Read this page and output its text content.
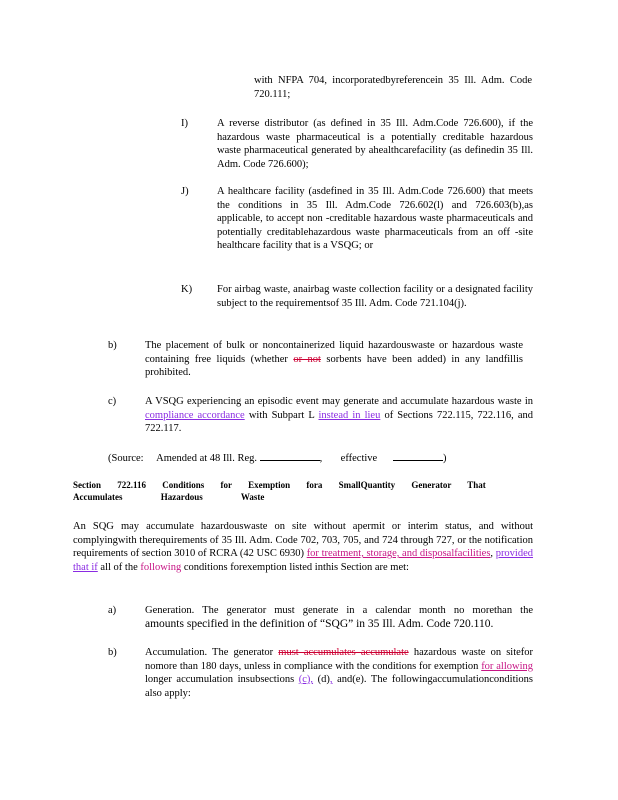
with NFPA 704, incorporatedbyreferencein 35 Ill. Adm. Code 720.111;
I)	A reverse distributor (as defined in 35 Ill. Adm.Code 726.600), if the hazardous waste pharmaceutical is a potentially creditable hazardous waste pharmaceutical generated by ahealthcarefacility (as definedin 35 Ill. Adm. Code 726.600);
J)	A healthcare facility (asdefined in 35 Ill. Adm.Code 726.600) that meets the conditions in 35 Ill. Adm.Code 726.602(l) and 726.603(b),as applicable, to accept non -creditable hazardous waste pharmaceuticals and potentially creditablehazardous waste pharmaceuticals from an off -site healthcare facility that is a VSQG; or
K) For airbag waste, anairbag waste collection facility or a designated facility subject to the requirementsof 35 Ill. Adm. Code 721.104(j).
b)	The placement of bulk or noncontainerized liquid hazardouswaste or hazardous waste containing free liquids (whether or not sorbents have been added) in any landfillis prohibited.
c)	A VSQG experiencing an episodic event may generate and accumulate hazardous waste in compliance accordance with Subpart L instead in lieu of Sections 722.115, 722.116, and 722.117.
(Source: Amended at 48 Ill. Reg.	,       effective	)
Section 722.116 Conditions for Exemption fora SmallQuantity Generator That
Accumulates Hazardous Waste
An SQG may accumulate hazardouswaste on site without apermit or interim status, and without complyingwith therequirements of 35 Ill. Adm. Code 702, 703, 705, and 724 through 727, or the notification requirements of section 3010 of RCRA (42 USC 6930) for treatment, storage, and disposalfacilities, provided that if all of the following conditions forexemption listed inthis Section are met:
a)	Generation. The generator must generate in a calendar month no morethan the
amounts specified in the definition of “SQG” in 35 Ill. Adm. Code 720.110.
b)	Accumulation. The generator must accumulates accumulate hazardous waste on sitefor nomore than 180 days, unless in compliance with the conditions for exemption for allowing longer accumulation insubsections (c), (d), and(e). The followingaccumulationconditions also apply:
